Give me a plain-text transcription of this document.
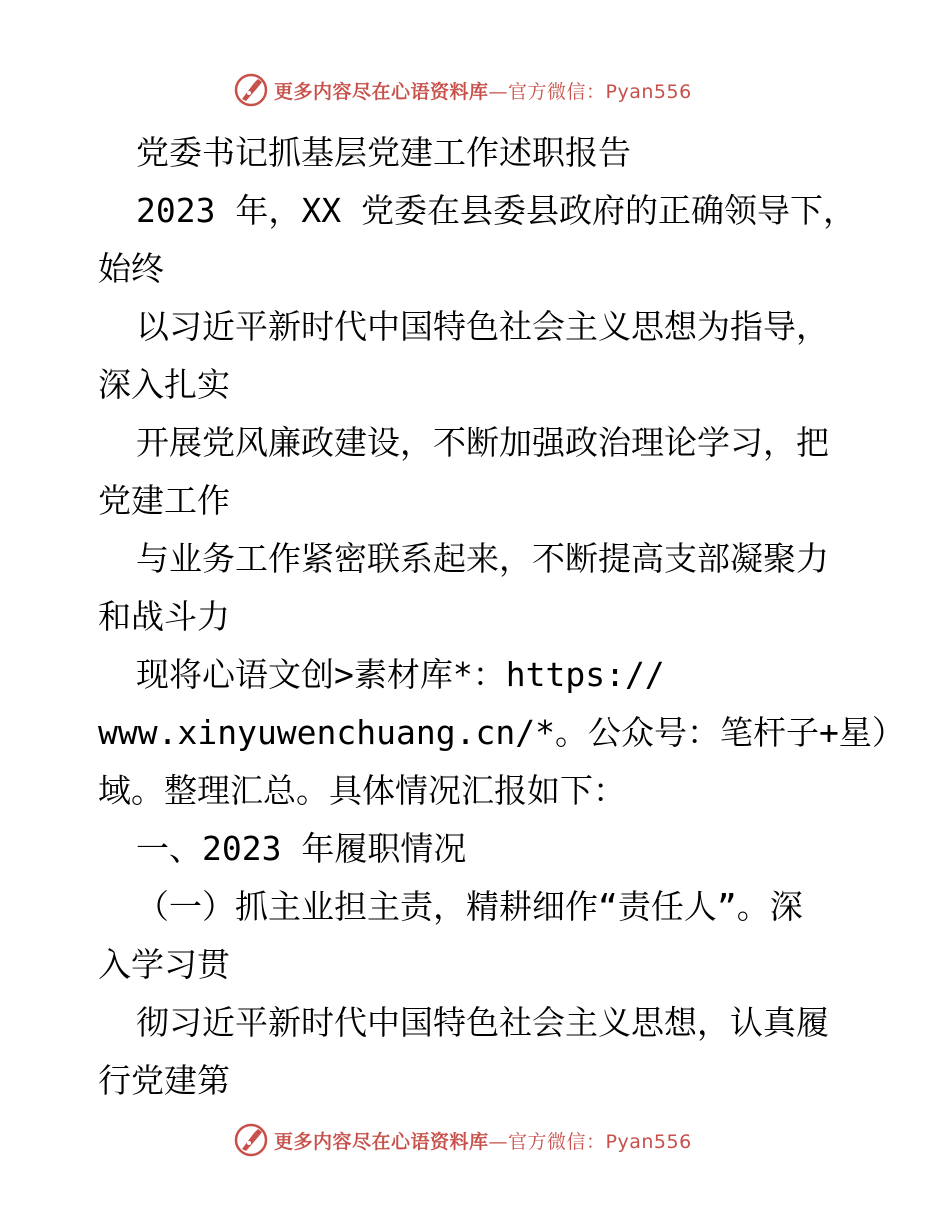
更多内容尽在心语资料库—官方微信：Pyan556
党委书记抓基层党建工作述职报告
2023 年，XX 党委在县委县政府的正确领导下，
始终
以习近平新时代中国特色社会主义思想为指导，
深入扎实
开展党风廉政建设，不断加强政治理论学习，把
党建工作
与业务工作紧密联系起来，不断提高支部凝聚力
和战斗力
现将心语文创>素材库*：https://
www.xinyuwenchuang.cn/*。公众号：笔杆子+星）
域。整理汇总。具体情况汇报如下：
一、2023 年履职情况
（一）抓主业担主责，精耕细作“责任人”。深
入学习贯
彻习近平新时代中国特色社会主义思想，认真履
行党建第
更多内容尽在心语资料库—官方微信：Pyan556
